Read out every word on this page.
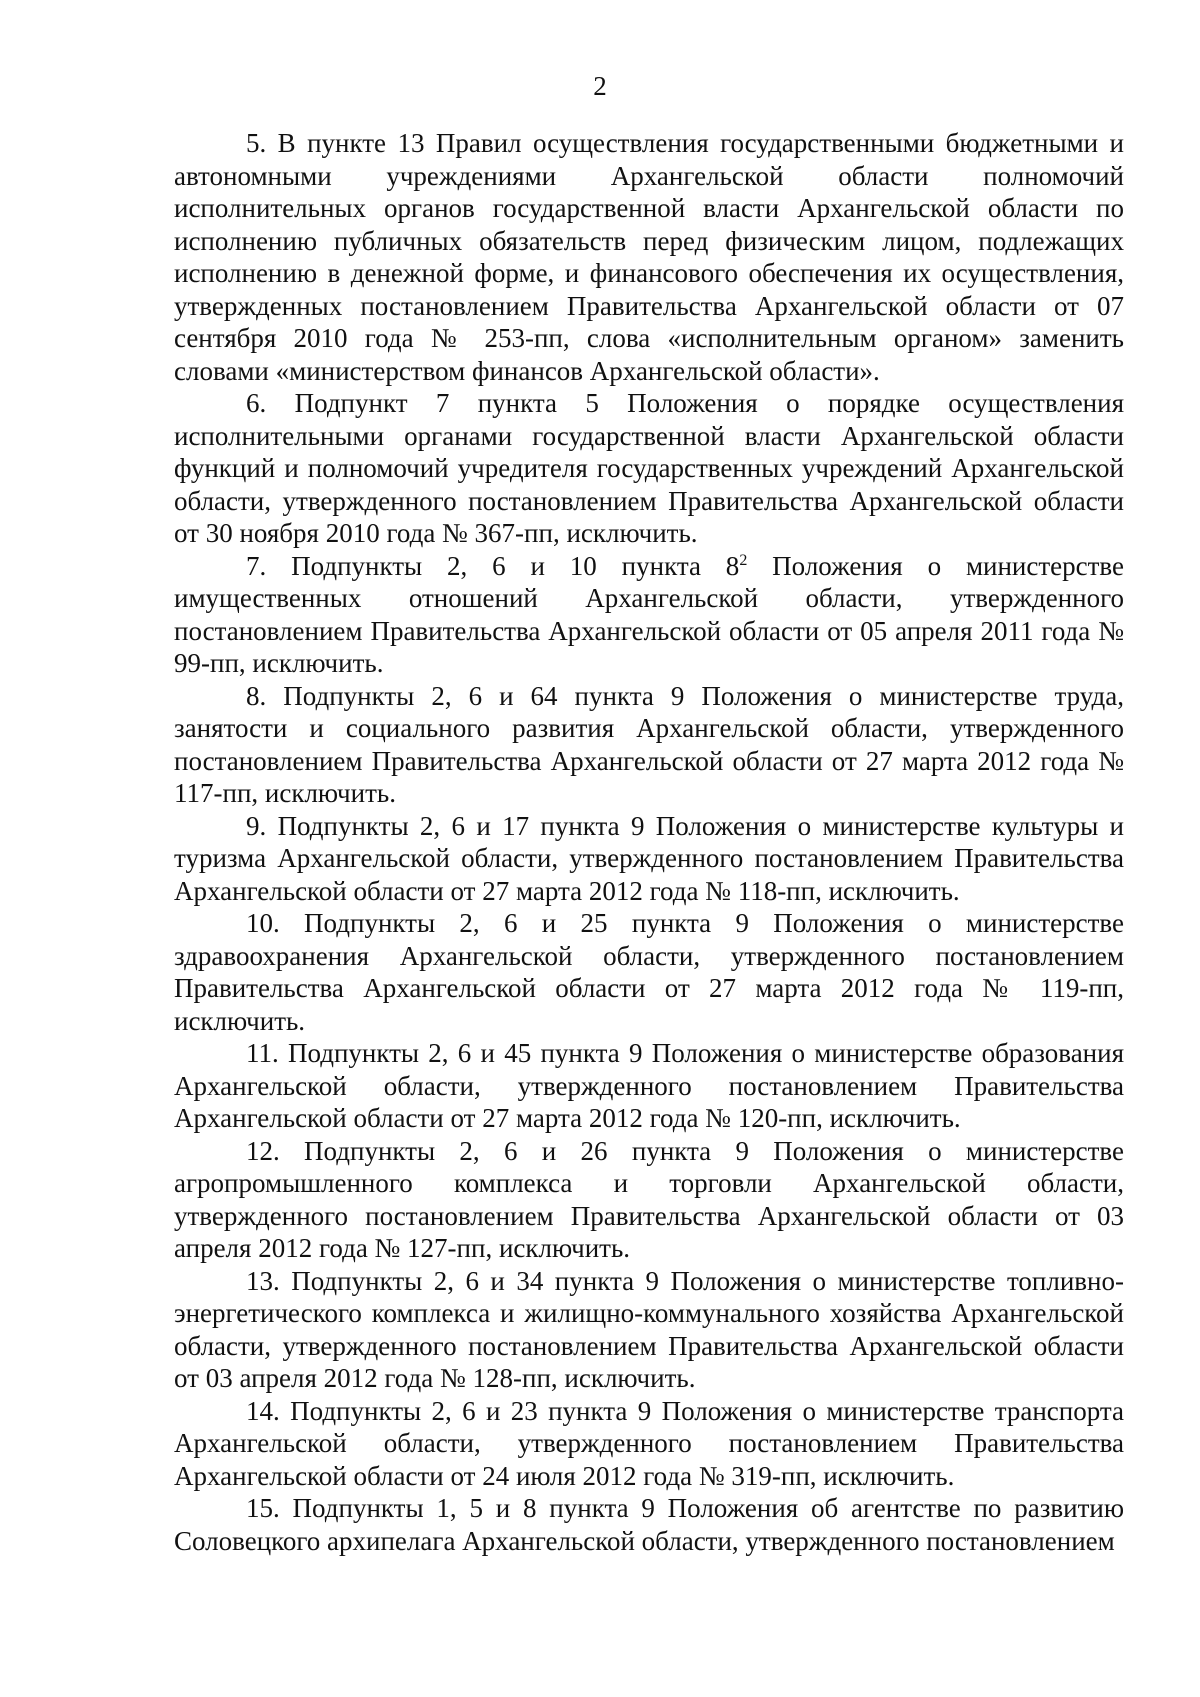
2

5. В пункте 13 Правил осуществления государственными бюджетными и автономными учреждениями Архангельской области полномочий исполнительных органов государственной власти Архангельской области по исполнению публичных обязательств перед физическим лицом, подлежащих исполнению в денежной форме, и финансового обеспечения их осуществления, утвержденных постановлением Правительства Архангельской области от 07 сентября 2010 года № 253-пп, слова «исполнительным органом» заменить словами «министерством финансов Архангельской области».

6. Подпункт 7 пункта 5 Положения о порядке осуществления исполнительными органами государственной власти Архангельской области функций и полномочий учредителя государственных учреждений Архангельской области, утвержденного постановлением Правительства Архангельской области от 30 ноября 2010 года № 367-пп, исключить.

7. Подпункты 2, 6 и 10 пункта $8^2$ Положения о министерстве имущественных отношений Архангельской области, утвержденного постановлением Правительства Архангельской области от 05 апреля 2011 года № 99-пп, исключить.

8. Подпункты 2, 6 и 64 пункта 9 Положения о министерстве труда, занятости и социального развития Архангельской области, утвержденного постановлением Правительства Архангельской области от 27 марта 2012 года № 117-пп, исключить.

9. Подпункты 2, 6 и 17 пункта 9 Положения о министерстве культуры и туризма Архангельской области, утвержденного постановлением Правительства Архангельской области от 27 марта 2012 года № 118-пп, исключить.

10. Подпункты 2, 6 и 25 пункта 9 Положения о министерстве здравоохранения Архангельской области, утвержденного постановлением Правительства Архангельской области от 27 марта 2012 года № 119-пп, исключить.

11. Подпункты 2, 6 и 45 пункта 9 Положения о министерстве образования Архангельской области, утвержденного постановлением Правительства Архангельской области от 27 марта 2012 года № 120-пп, исключить.

12. Подпункты 2, 6 и 26 пункта 9 Положения о министерстве агропромышленного комплекса и торговли Архангельской области, утвержденного постановлением Правительства Архангельской области от 03 апреля 2012 года № 127-пп, исключить.

13. Подпункты 2, 6 и 34 пункта 9 Положения о министерстве топливно-энергетического комплекса и жилищно-коммунального хозяйства Архангельской области, утвержденного постановлением Правительства Архангельской области от 03 апреля 2012 года № 128-пп, исключить.

14. Подпункты 2, 6 и 23 пункта 9 Положения о министерстве транспорта Архангельской области, утвержденного постановлением Правительства Архангельской области от 24 июля 2012 года № 319-пп, исключить.

15. Подпункты 1, 5 и 8 пункта 9 Положения об агентстве по развитию Соловецкого архипелага Архангельской области, утвержденного постановлением
